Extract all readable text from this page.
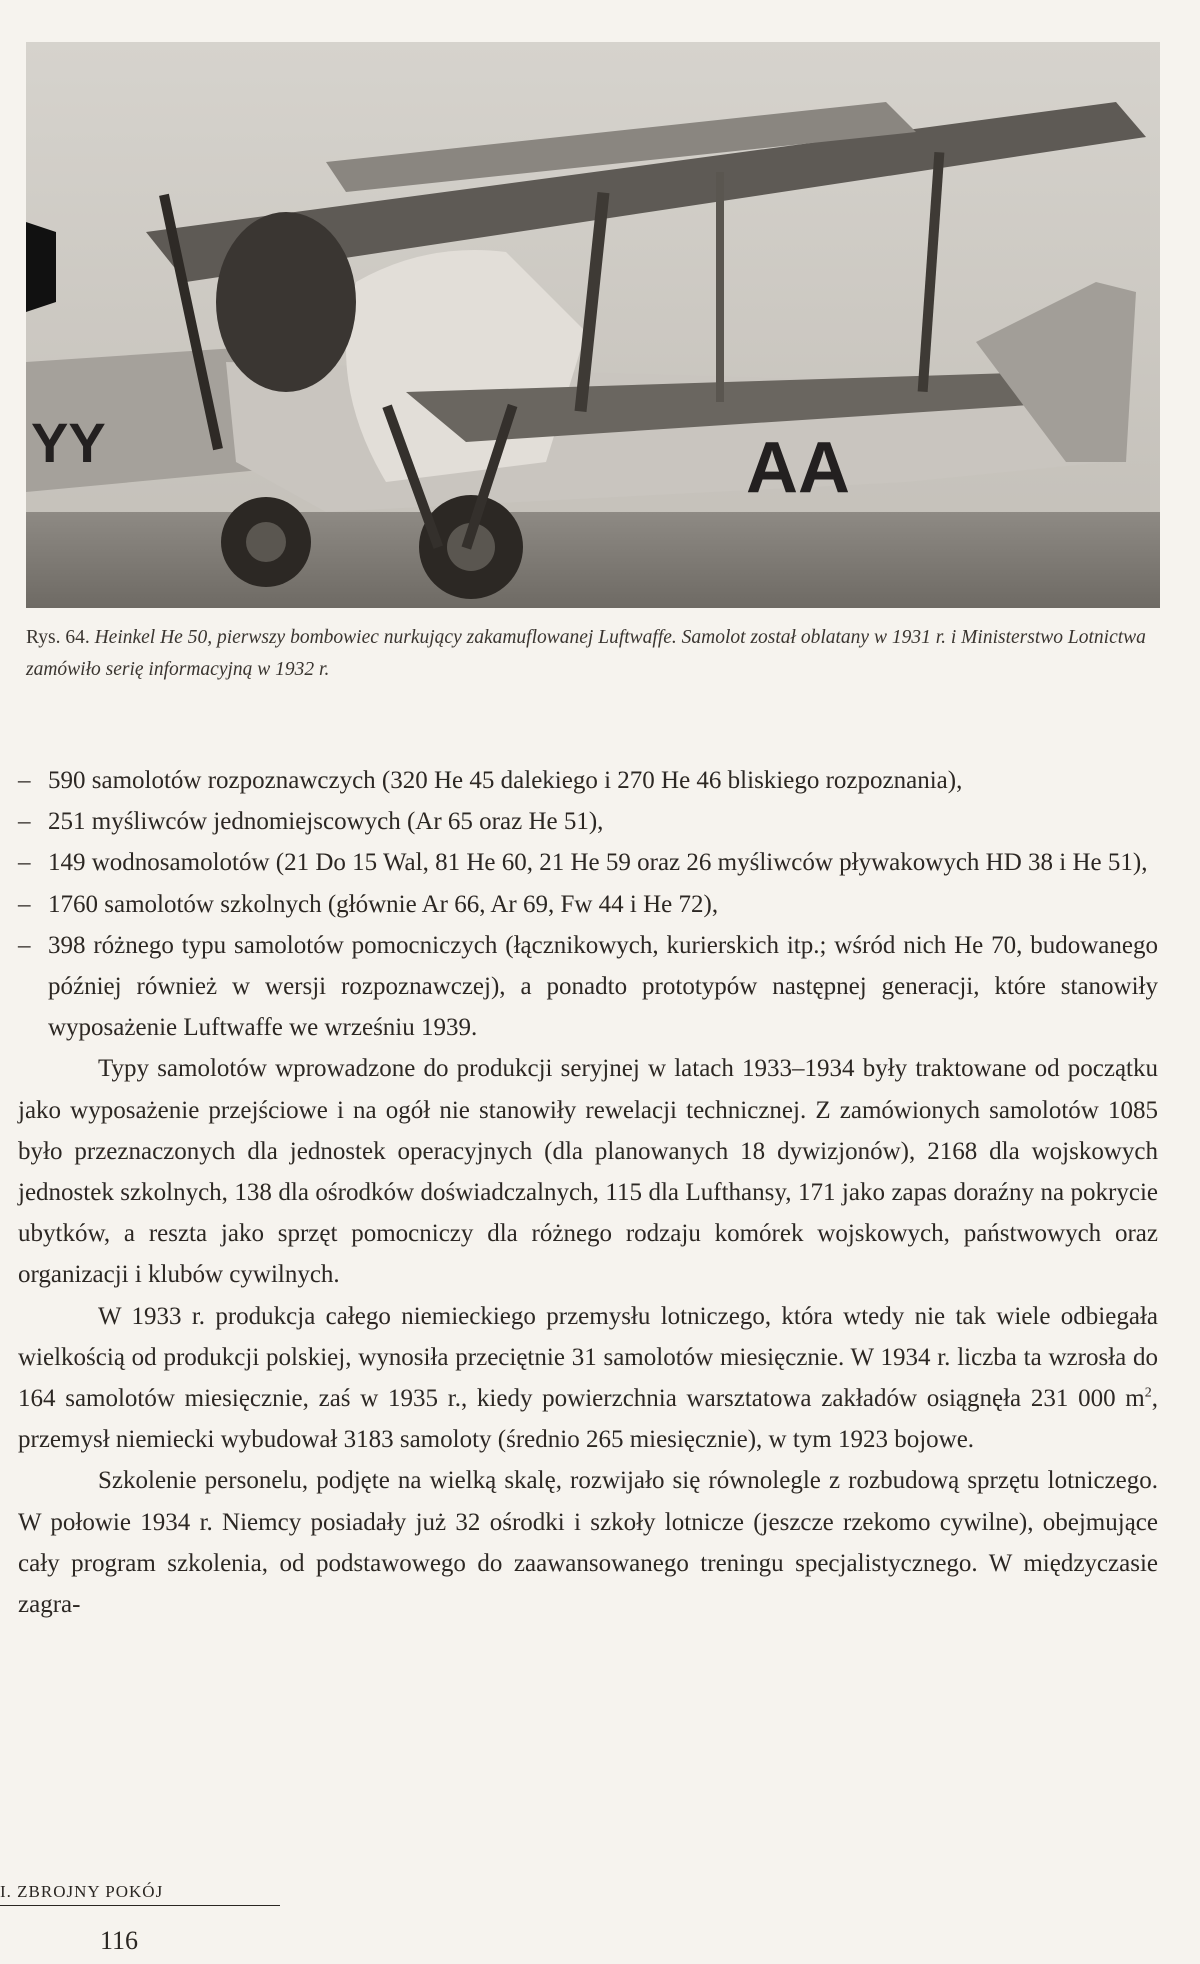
YY	AA
Rys. 64. Heinkel He 50, pierwszy bombowiec nurkujący zakamuflowanej Luftwaffe. Samolot został oblatany w 1931 r. i Ministerstwo Lotnictwa zamówiło serię informacyjną w 1932 r.
– 590 samolotów rozpoznawczych (320 He 45 dalekiego i 270 He 46 bliskiego rozpoznania),
– 251 myśliwców jednomiejscowych (Ar 65 oraz He 51),
– 149 wodnosamolotów (21 Do 15 Wal, 81 He 60, 21 He 59 oraz 26 myśliwców pływakowych HD 38 i He 51),
– 1760 samolotów szkolnych (głównie Ar 66, Ar 69, Fw 44 i He 72),
– 398 różnego typu samolotów pomocniczych (łącznikowych, kurierskich itp.; wśród nich He 70, budowanego później również w wersji rozpoznawczej), a ponadto prototypów następnej generacji, które stanowiły wyposażenie Luftwaffe we wrześniu 1939.

Typy samolotów wprowadzone do produkcji seryjnej w latach 1933–1934 były traktowane od początku jako wyposażenie przejściowe i na ogół nie stanowiły rewelacji technicznej. Z zamówionych samolotów 1085 było przeznaczonych dla jednostek operacyjnych (dla planowanych 18 dywizjonów), 2168 dla wojskowych jednostek szkolnych, 138 dla ośrodków doświadczalnych, 115 dla Lufthansy, 171 jako zapas doraźny na pokrycie ubytków, a reszta jako sprzęt pomocniczy dla różnego rodzaju komórek wojskowych, państwowych oraz organizacji i klubów cywilnych.

W 1933 r. produkcja całego niemieckiego przemysłu lotniczego, która wtedy nie tak wiele odbiegała wielkością od produkcji polskiej, wynosiła przeciętnie 31 samolotów miesięcznie. W 1934 r. liczba ta wzrosła do 164 samolotów miesięcznie, zaś w 1935 r., kiedy powierzchnia warsztatowa zakładów osiągnęła 231 000 $m^2$, przemysł niemiecki wybudował 3183 samoloty (średnio 265 miesięcznie), w tym 1923 bojowe.

Szkolenie personelu, podjęte na wielką skalę, rozwijało się równolegle z rozbudową sprzętu lotniczego. W połowie 1934 r. Niemcy posiadały już 32 ośrodki i szkoły lotnicze (jeszcze rzekomo cywilne), obejmujące cały program szkolenia, od podstawowego do zaawansowanego treningu specjalistycznego. W międzyczasie zagra-

I. ZBROJNY POKÓJ
116
